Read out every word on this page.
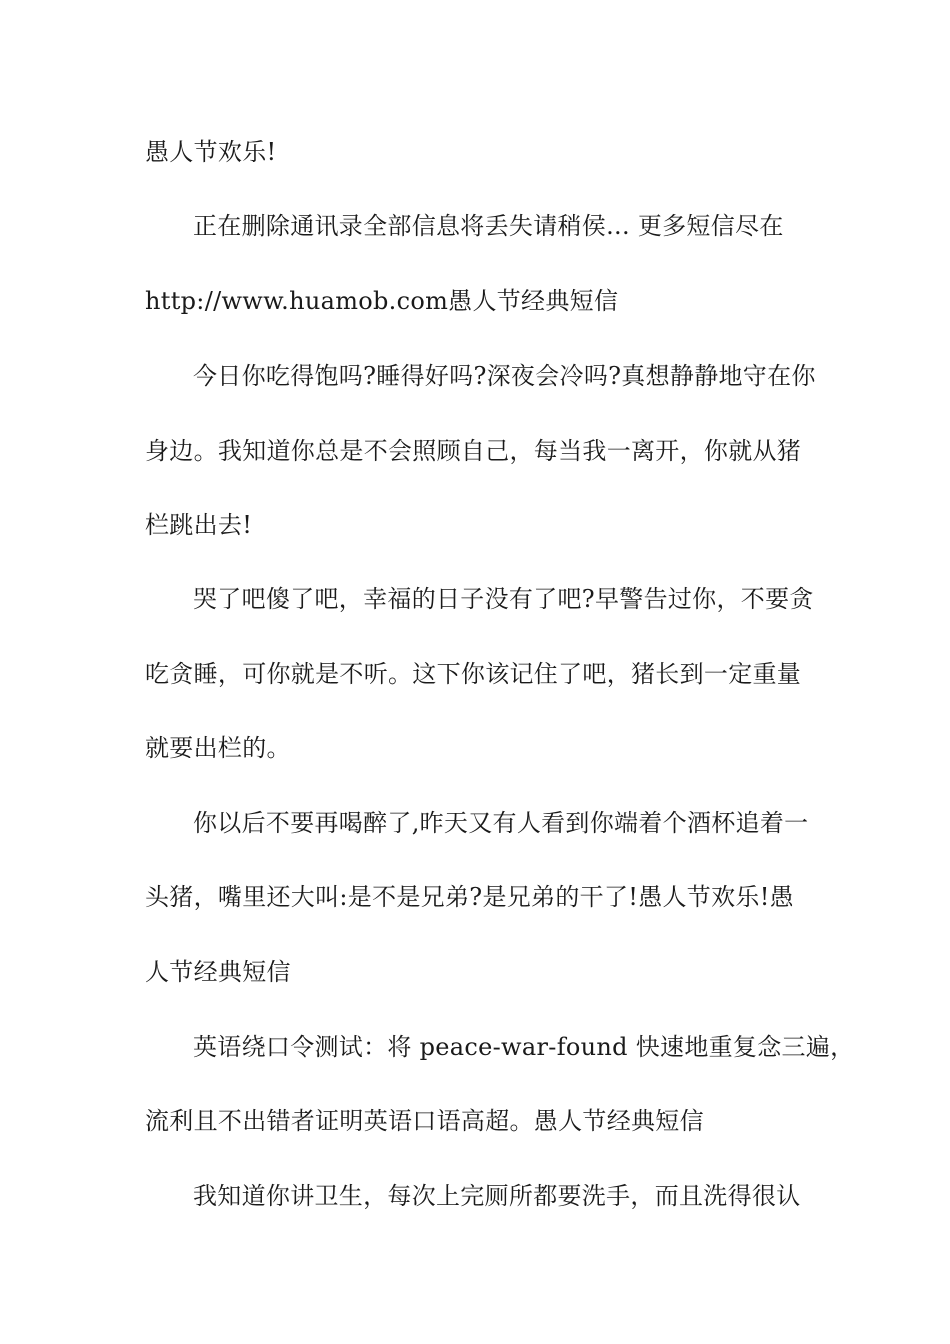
愚人节欢乐!
正在删除通讯录全部信息将丢失请稍侯... 更多短信尽在
http://www.huamob.com愚人节经典短信
今日你吃得饱吗?睡得好吗?深夜会冷吗?真想静静地守在你
身边。我知道你总是不会照顾自己，每当我一离开，你就从猪
栏跳出去!
哭了吧傻了吧，幸福的日子没有了吧?早警告过你，不要贪
吃贪睡，可你就是不听。这下你该记住了吧，猪长到一定重量
就要出栏的。
你以后不要再喝醉了,昨天又有人看到你端着个酒杯追着一
头猪，嘴里还大叫:是不是兄弟?是兄弟的干了!愚人节欢乐!愚
人节经典短信
英语绕口令测试：将 peace-war-found 快速地重复念三遍，
流利且不出错者证明英语口语高超。愚人节经典短信
我知道你讲卫生，每次上完厕所都要洗手，而且洗得很认
